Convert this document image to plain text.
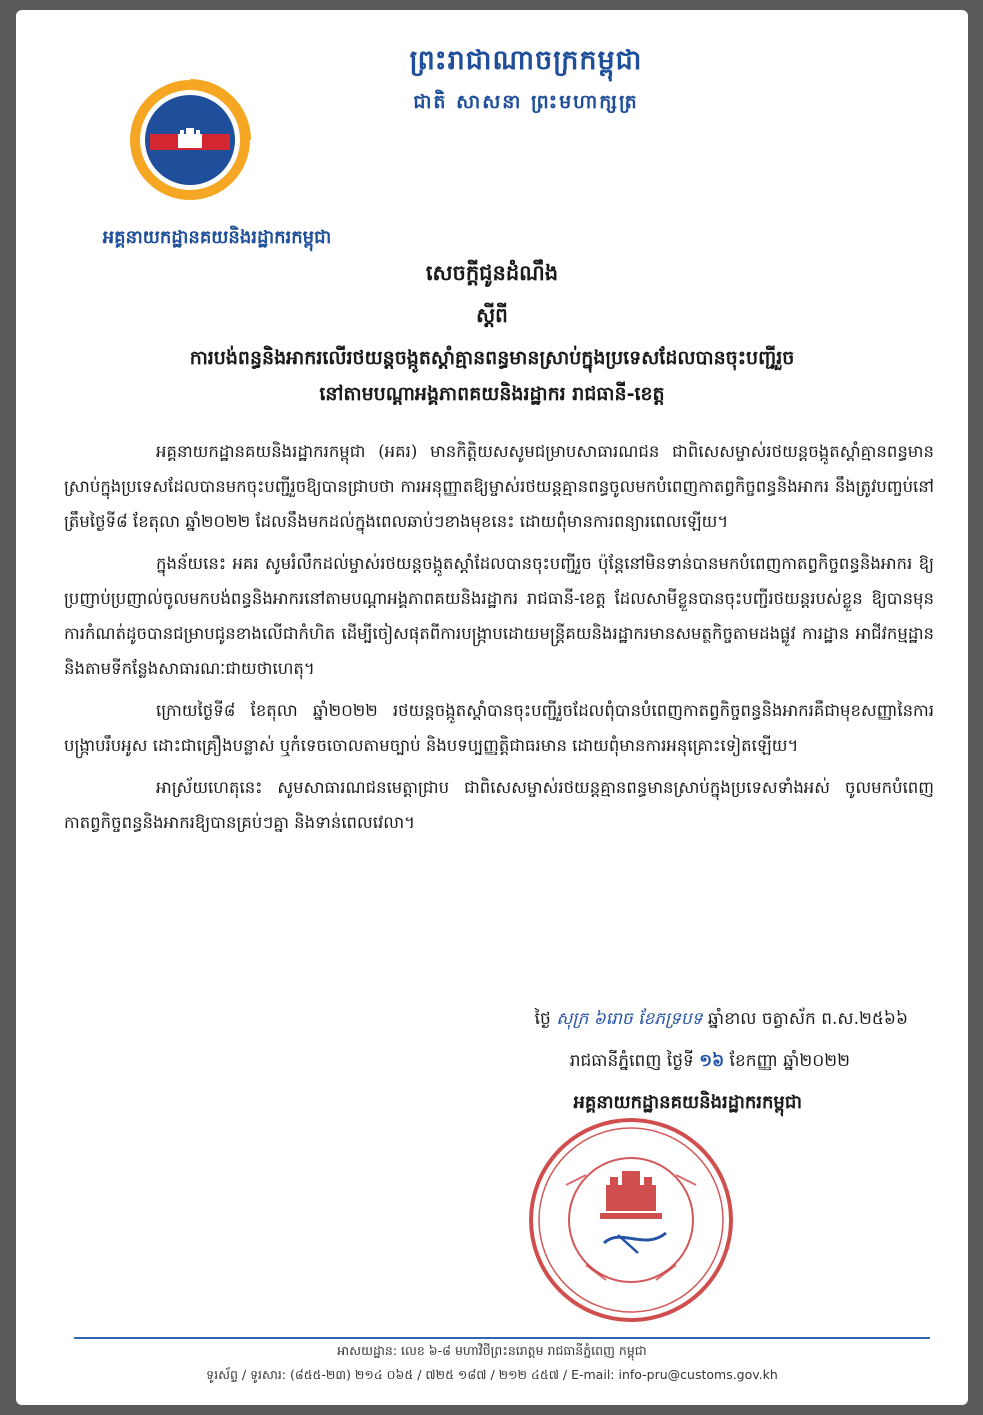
ព្រះរាជាណាចក្រកម្ពុជា
ជាតិ សាសនា ព្រះមហាក្សត្រ
អគ្គនាយកដ្ឋានគយនិងរដ្ឋាករកម្ពុជា
សេចក្តីជូនដំណឹង
ស្តីពី
ការបង់ពន្ធនិងអាករលើរថយន្តចង្កូតស្តាំគ្មានពន្ធមានស្រាប់ក្នុងប្រទេសដែលបានចុះបញ្ជីរួច
នៅតាមបណ្តាអង្គភាពគយនិងរដ្ឋាករ រាជធានី-ខេត្ត

អគ្គនាយកដ្ឋានគយនិងរដ្ឋាករកម្ពុជា (អគរ) មានកិត្តិយសសូមជម្រាបសាធារណជន ជាពិសេសម្ចាស់រថយន្តចង្កូតស្តាំគ្មានពន្ធមានស្រាប់ក្នុងប្រទេសដែលបានមកចុះបញ្ជីរួចឱ្យបានជ្រាបថា ការអនុញ្ញាតឱ្យម្ចាស់រថយន្តគ្មានពន្ធចូលមកបំពេញកាតព្វកិច្ចពន្ធនិងអាករ នឹងត្រូវបញ្ចប់នៅត្រឹមថ្ងៃទី៨ ខែតុលា ឆ្នាំ២០២២ ដែលនឹងមកដល់ក្នុងពេលឆាប់ៗខាងមុខនេះ ដោយពុំមានការពន្យារពេលឡើយ។

ក្នុងន័យនេះ អគរ សូមរំលឹកដល់ម្ចាស់រថយន្តចង្កូតស្តាំដែលបានចុះបញ្ជីរួច ប៉ុន្តែនៅមិនទាន់បានមកបំពេញកាតព្វកិច្ចពន្ធនិងអាករ ឱ្យប្រញាប់ប្រញាល់ចូលមកបង់ពន្ធនិងអាករនៅតាមបណ្តាអង្គភាពគយនិងរដ្ឋាករ រាជធានី-ខេត្ត ដែលសាមីខ្លួនបានចុះបញ្ជីរថយន្តរបស់ខ្លួន ឱ្យបានមុនការកំណត់ដូចបានជម្រាបជូនខាងលើជាកំហិត ដើម្បីចៀសផុតពីការបង្ក្រាបដោយមន្ត្រីគយនិងរដ្ឋាករមានសមត្ថកិច្ចតាមដងផ្លូវ ការដ្ឋាន អាជីវកម្មដ្ឋាន និងតាមទីកន្លែងសាធារណៈជាយថាហេតុ។

ក្រោយថ្ងៃទី៨ ខែតុលា ឆ្នាំ២០២២ រថយន្តចង្កូតស្តាំបានចុះបញ្ជីរួចដែលពុំបានបំពេញកាតព្វកិច្ចពន្ធនិងអាករគឺជាមុខសញ្ញានៃការបង្ក្រាបរឹបអូស ដោះជាគ្រឿងបន្លាស់ ឬកំទេចចោលតាមច្បាប់ និងបទប្បញ្ញត្តិជាធរមាន ដោយពុំមានការអនុគ្រោះទៀតឡើយ។

អាស្រ័យហេតុនេះ សូមសាធារណជនមេត្តាជ្រាប ជាពិសេសម្ចាស់រថយន្តគ្មានពន្ធមានស្រាប់ក្នុងប្រទេសទាំងអស់ ចូលមកបំពេញកាតព្វកិច្ចពន្ធនិងអាករឱ្យបានគ្រប់ៗគ្នា និងទាន់ពេលវេលា។

ថ្ងៃ សុក្រ ៦រោច ខែភទ្របទ ឆ្នាំខាល ចត្វាស័ក ព.ស.២៥៦៦
រាជធានីភ្នំពេញ ថ្ងៃទី ១៦ ខែកញ្ញា ឆ្នាំ២០២២
អគ្គនាយកដ្ឋានគយនិងរដ្ឋាករកម្ពុជា
អាសយដ្ឋាន: លេខ ៦-៨ មហាវិថីព្រះនរោត្តម រាជធានីភ្នំពេញ កម្ពុជា
ទូរស័ព្ទ / ទូរសារ: (៨៥៥-២៣) ២១៤ ០៦៥ / ៧២៥ ១៨៧ / ២១២ ៤៥៧ / E-mail: info-pru@customs.gov.kh
